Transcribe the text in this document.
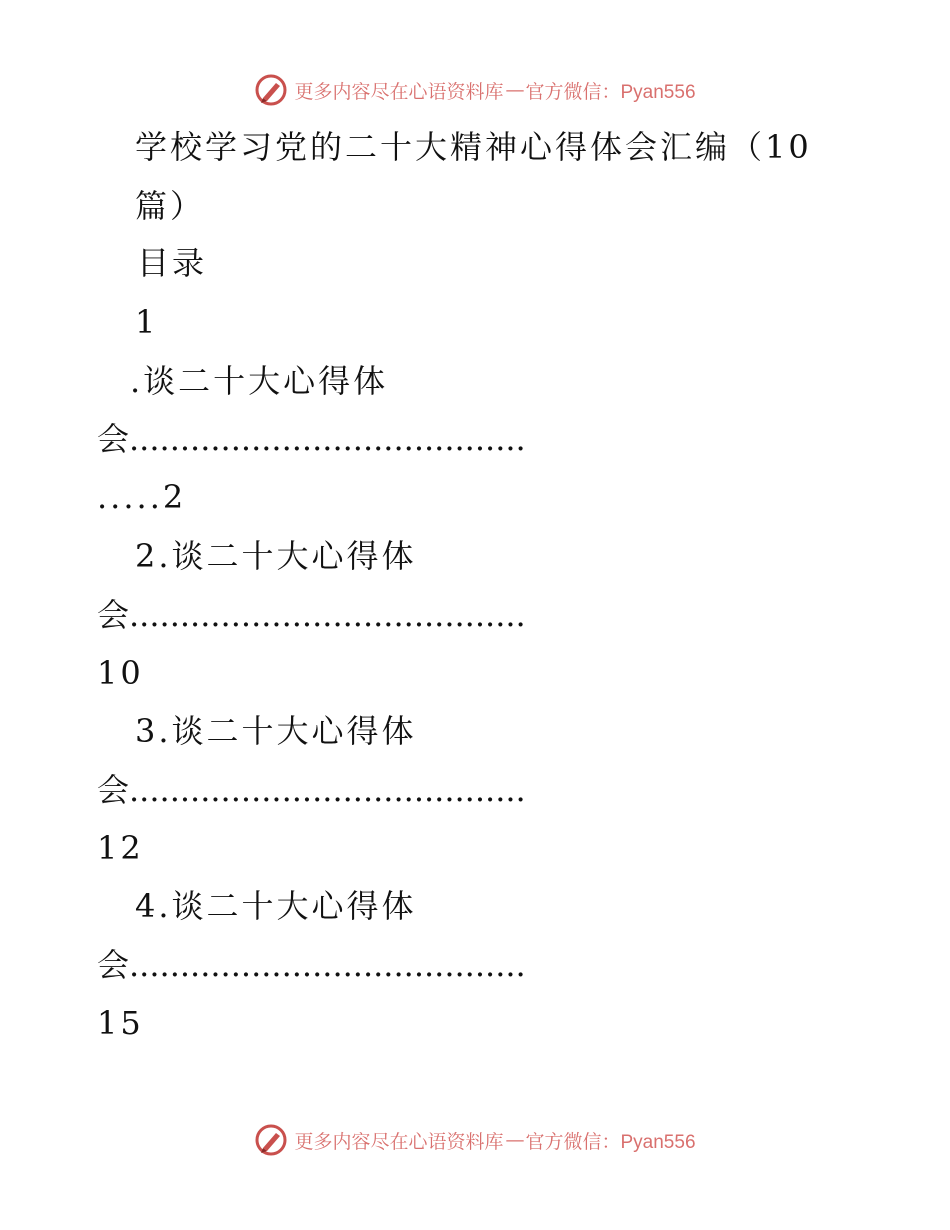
更多内容尽在心语资料库 — 官方微信：Pyan556
学校学习党的二十大精神心得体会汇编（10
篇）
目录
1
.谈二十大心得体
会.......................................
.....2
2.谈二十大心得体
会.......................................
10
3.谈二十大心得体
会.......................................
12
4.谈二十大心得体
会.......................................
15
更多内容尽在心语资料库 — 官方微信：Pyan556
